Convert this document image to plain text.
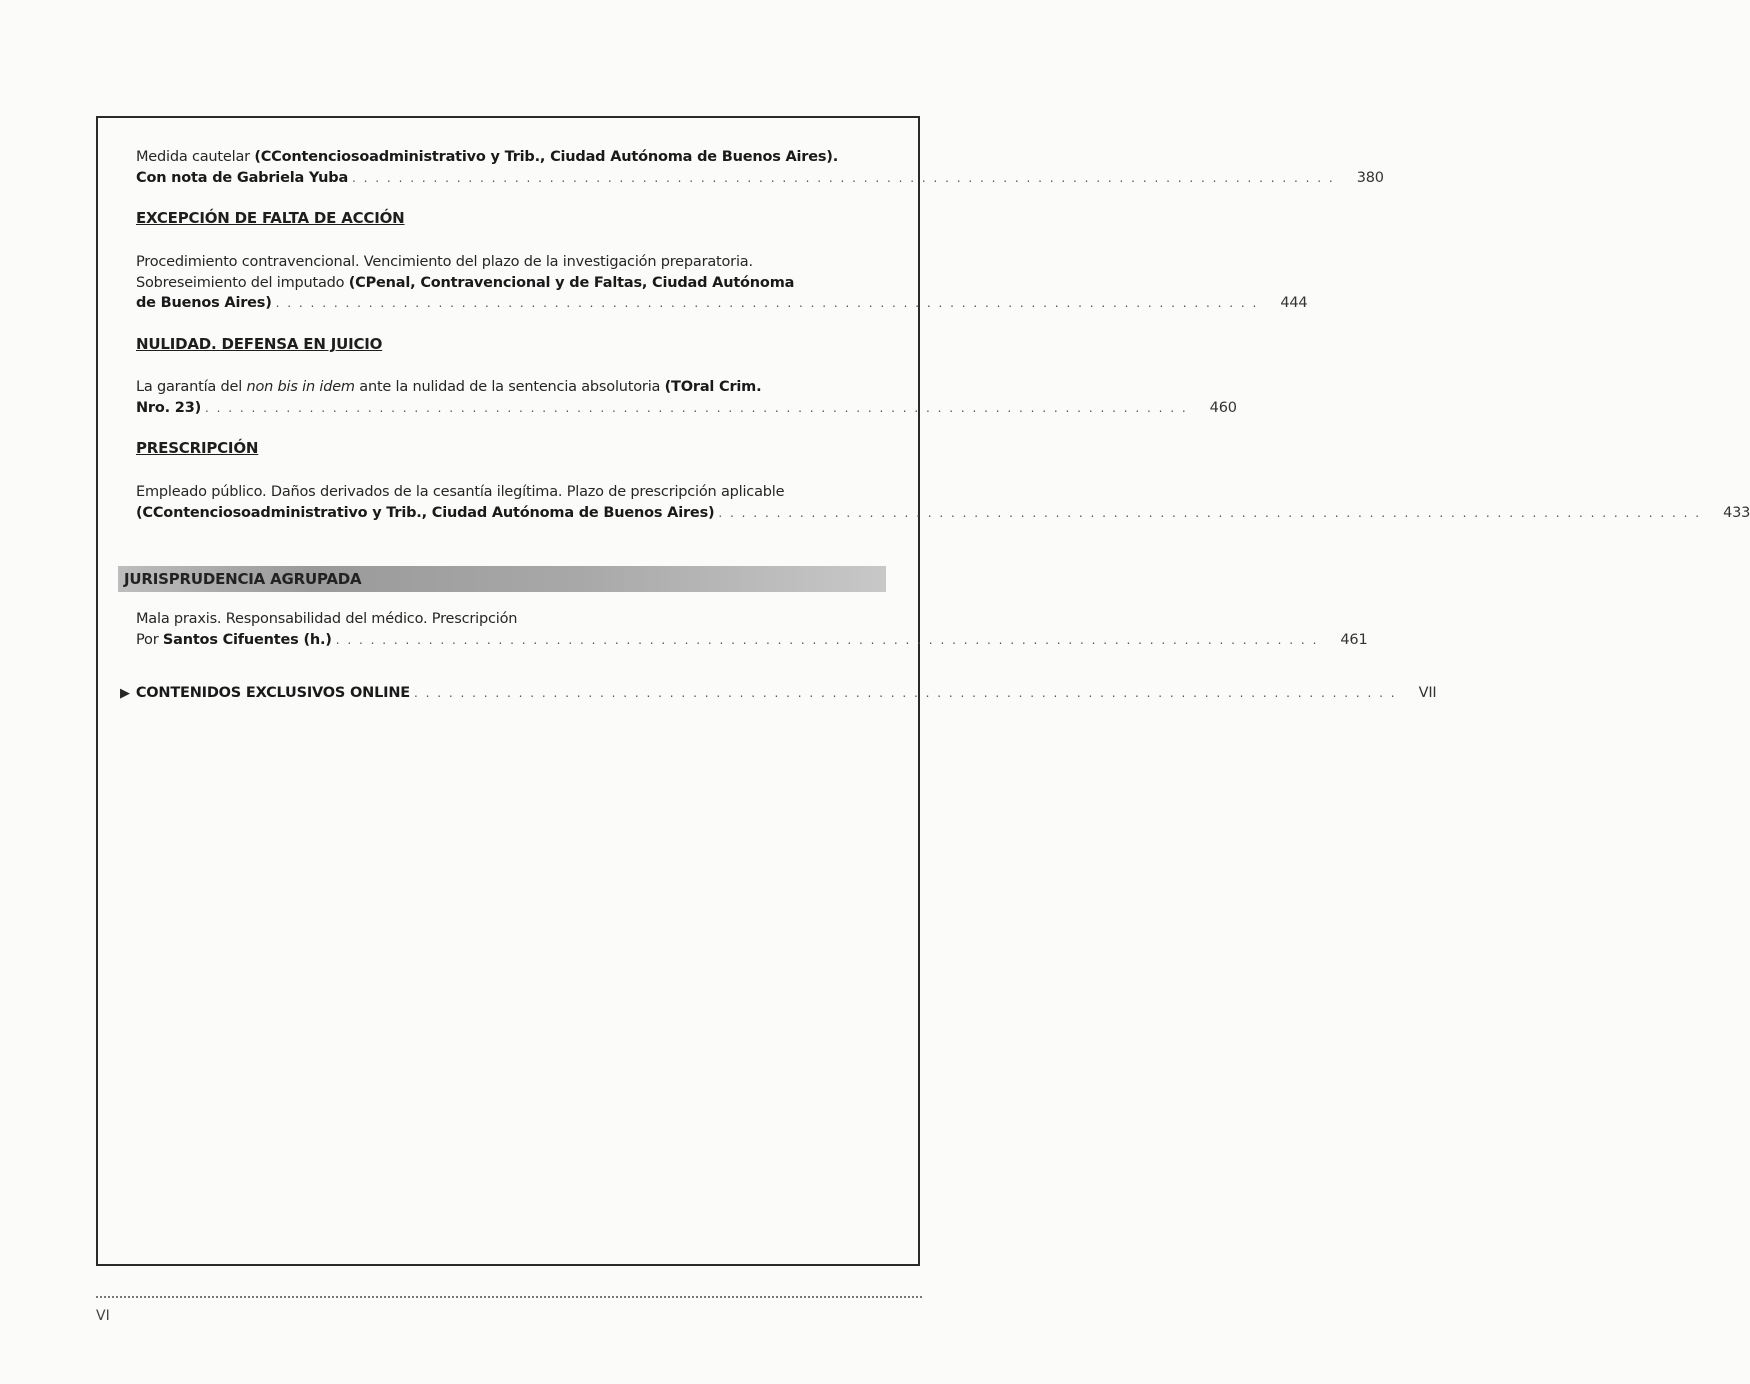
Medida cautelar (CContenciosoadministrativo y Trib., Ciudad Autónoma de Buenos Aires).
Con nota de Gabriela Yuba . . . . . . . . . . . . . . . . . . . . . . . . . . . . . . . . . . . . . . . . . . . . . . . . . . . . . . . . . . . . . . . . . . . . . . . . . . . . . . . . . . . . . 380
EXCEPCIÓN DE FALTA DE ACCIÓN
Procedimiento contravencional. Vencimiento del plazo de la investigación preparatoria.
Sobreseimiento del imputado (CPenal, Contravencional y de Faltas, Ciudad Autónoma
de Buenos Aires) . . . . . . . . . . . . . . . . . . . . . . . . . . . . . . . . . . . . . . . . . . . . . . . . . . . . . . . . . . . . . . . . . . . . . . . . . . . . . . . . . . . . . 444
NULIDAD. DEFENSA EN JUICIO
La garantía del non bis in idem ante la nulidad de la sentencia absolutoria (TOral Crim.
Nro. 23) . . . . . . . . . . . . . . . . . . . . . . . . . . . . . . . . . . . . . . . . . . . . . . . . . . . . . . . . . . . . . . . . . . . . . . . . . . . . . . . . . . . . . 460
PRESCRIPCIÓN
Empleado público. Daños derivados de la cesantía ilegítima. Plazo de prescripción aplicable
(CContenciosoadministrativo y Trib., Ciudad Autónoma de Buenos Aires) . . . . . . . . . . . . . . . . . . . . . . . . . . . . . . . . . . . . . . . . . . . . . . . . . . . . . . . . . . . . . . . . . . . . . . . . . . . . . . . . . . . . . 433
JURISPRUDENCIA AGRUPADA
Mala praxis. Responsabilidad del médico. Prescripción
Por Santos Cifuentes (h.) . . . . . . . . . . . . . . . . . . . . . . . . . . . . . . . . . . . . . . . . . . . . . . . . . . . . . . . . . . . . . . . . . . . . . . . . . . . . . . . . . . . . . 461
▶ CONTENIDOS EXCLUSIVOS ONLINE . . . . . . . . . . . . . . . . . . . . . . . . . . . . . . . . . . . . . . . . . . . . . . . . . . . . . . . . . . . . . . . . . . . . . . . . . . . . . . . . . . . . . VII
VI
